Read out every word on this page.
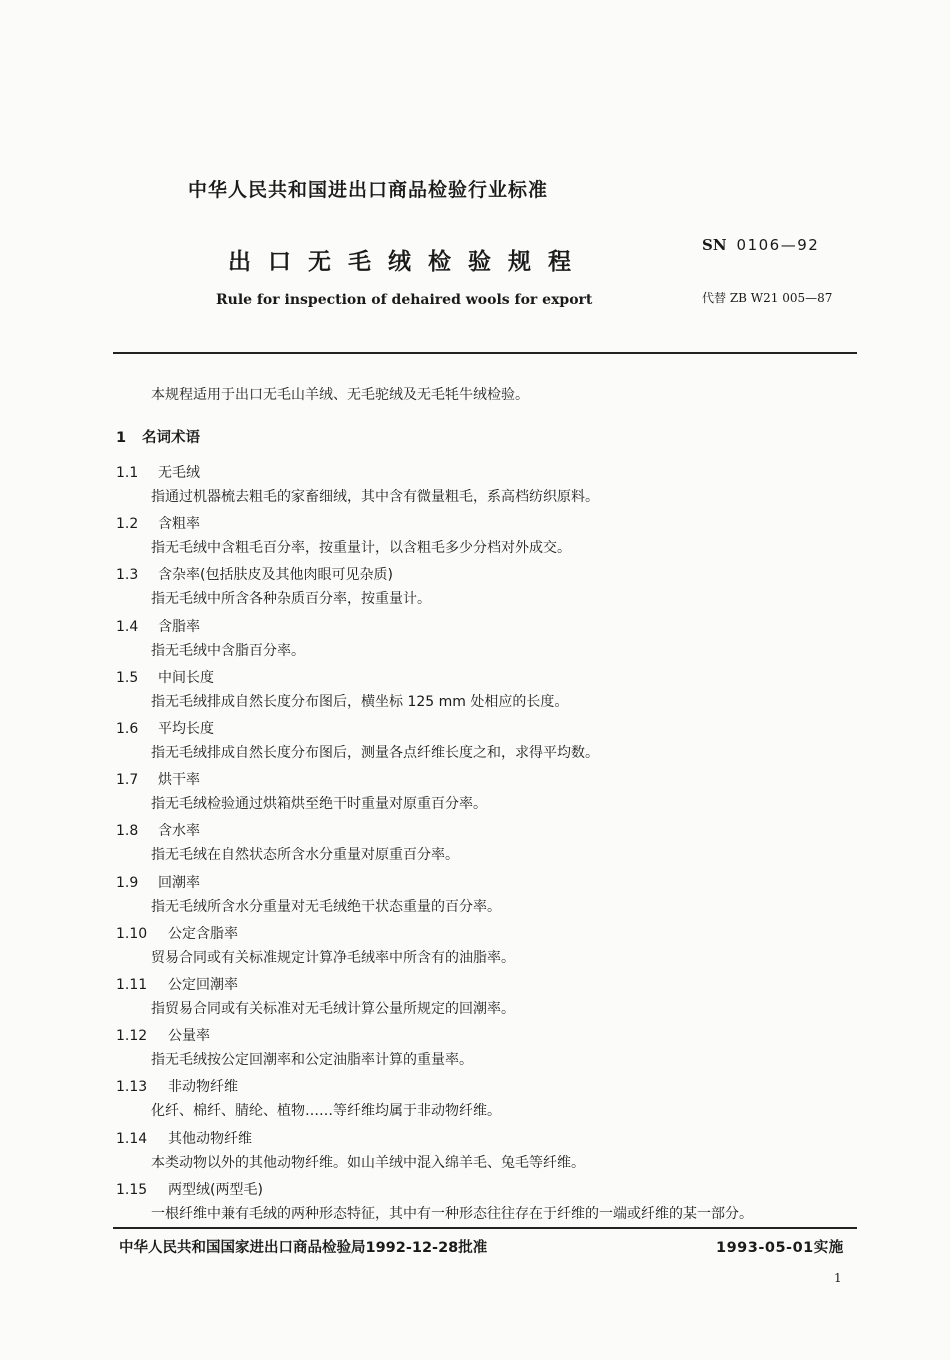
中华人民共和国进出口商品检验行业标准
出口无毛绒检验规程
Rule for inspection of dehaired wools for export
SN 0106—92
代替 ZB W21 005—87
本规程适用于出口无毛山羊绒、无毛驼绒及无毛牦牛绒检验。
1 名词术语
1.1 无毛绒
指通过机器梳去粗毛的家畜细绒，其中含有微量粗毛，系高档纺织原料。
1.2 含粗率
指无毛绒中含粗毛百分率，按重量计，以含粗毛多少分档对外成交。
1.3 含杂率(包括肤皮及其他肉眼可见杂质)
指无毛绒中所含各种杂质百分率，按重量计。
1.4 含脂率
指无毛绒中含脂百分率。
1.5 中间长度
指无毛绒排成自然长度分布图后，横坐标 125 mm 处相应的长度。
1.6 平均长度
指无毛绒排成自然长度分布图后，测量各点纤维长度之和，求得平均数。
1.7 烘干率
指无毛绒检验通过烘箱烘至绝干时重量对原重百分率。
1.8 含水率
指无毛绒在自然状态所含水分重量对原重百分率。
1.9 回潮率
指无毛绒所含水分重量对无毛绒绝干状态重量的百分率。
1.10 公定含脂率
贸易合同或有关标准规定计算净毛绒率中所含有的油脂率。
1.11 公定回潮率
指贸易合同或有关标准对无毛绒计算公量所规定的回潮率。
1.12 公量率
指无毛绒按公定回潮率和公定油脂率计算的重量率。
1.13 非动物纤维
化纤、棉纤、腈纶、植物……等纤维均属于非动物纤维。
1.14 其他动物纤维
本类动物以外的其他动物纤维。如山羊绒中混入绵羊毛、兔毛等纤维。
1.15 两型绒(两型毛)
一根纤维中兼有毛绒的两种形态特征，其中有一种形态往往存在于纤维的一端或纤维的某一部分。
中华人民共和国国家进出口商品检验局1992-12-28批准	1993-05-01实施
1
